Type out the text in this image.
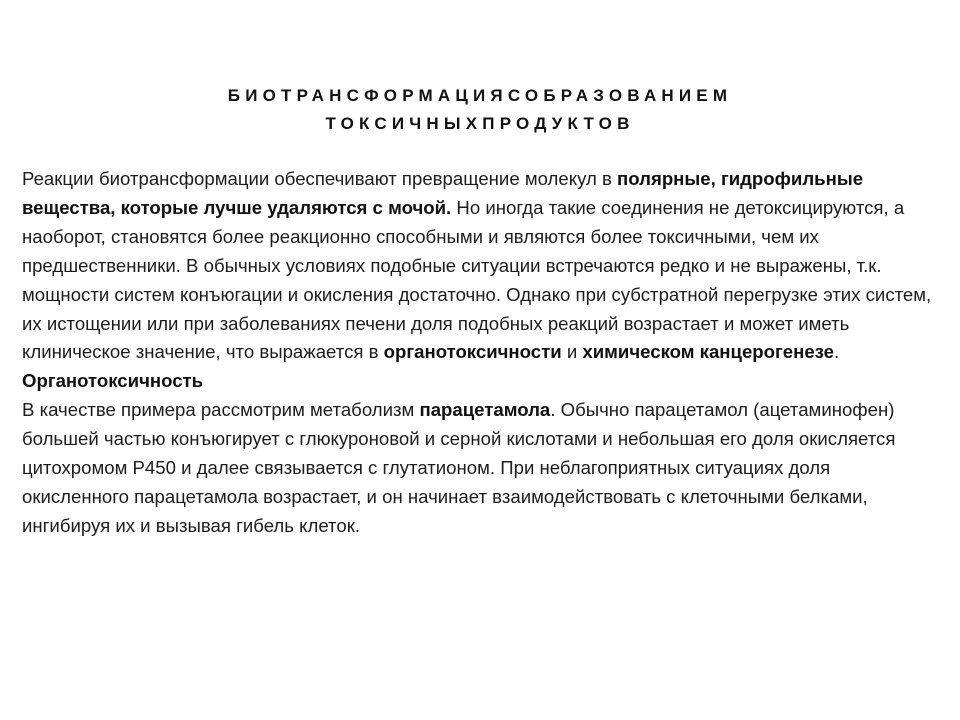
БИОТРАНСФОРМАЦИЯСОБРАЗОВАНИЕМ
ТОКСИЧНЫХПРОДУКТОВ

Реакции биотрансформации обеспечивают превращение молекул в полярные, гидрофильные вещества, которые лучше удаляются с мочой. Но иногда такие соединения не детоксицируются, а наоборот, становятся более реакционно способными и являются более токсичными, чем их предшественники. В обычных условиях подобные ситуации встречаются редко и не выражены, т.к. мощности систем конъюгации и окисления достаточно. Однако при субстратной перегрузке этих систем, их истощении или при заболеваниях печени доля подобных реакций возрастает и может иметь клиническое значение, что выражается в органотоксичности и химическом канцерогенезе.

Органотоксичность

В качестве примера рассмотрим метаболизм парацетамола. Обычно парацетамол (ацетаминофен) большей частью конъюгирует с глюкуроновой и серной кислотами и небольшая его доля окисляется цитохромом Р450 и далее связывается с глутатионом. При неблагоприятных ситуациях доля окисленного парацетамола возрастает, и он начинает взаимодействовать с клеточными белками, ингибируя их и вызывая гибель клеток.
